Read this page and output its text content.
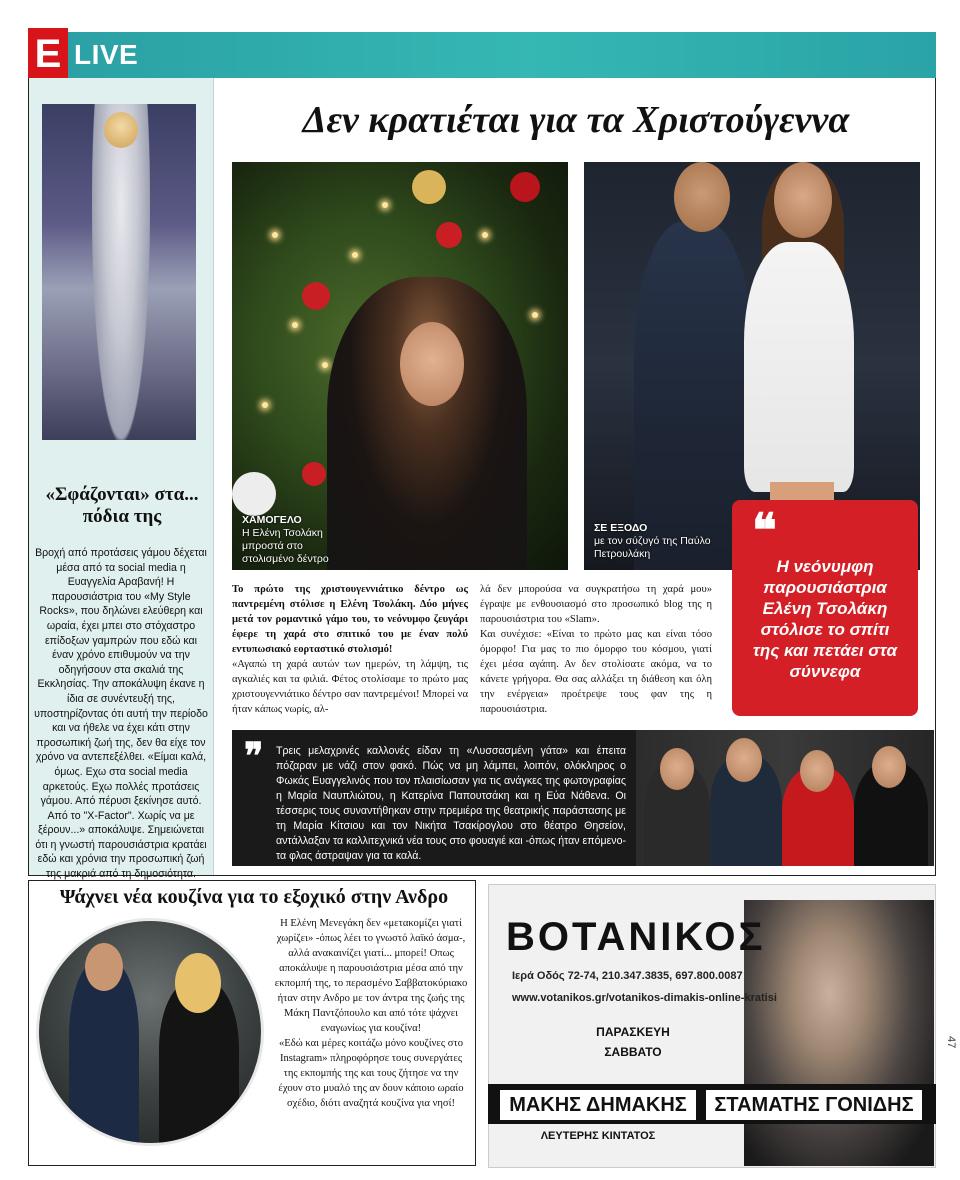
E LIVE
«Σφάζονται» στα... πόδια της
Βροχή από προτάσεις γάμου δέχεται μέσα από τα social media η Ευαγγελία Αραβανή! Η παρουσιάστρια του «My Style Rocks», που δηλώνει ελεύθερη και ωραία, έχει μπει στο στόχαστρο επίδοξων γαμπρών που εδώ και έναν χρόνο επιθυμούν να την οδηγήσουν στα σκαλιά της Εκκλησίας. Την αποκάλυψη έκανε η ίδια σε συνέντευξή της, υποστηρίζοντας ότι αυτή την περίοδο και να ήθελε να έχει κάτι στην προσωπική ζωή της, δεν θα είχε τον χρόνο να αντεπεξέλθει. «Είμαι καλά, όμως. Εχω στα social media αρκετούς. Εχω πολλές προτάσεις γάμου. Από πέρυσι ξεκίνησε αυτό. Από το "X-Factor". Χωρίς να με ξέρουν...» αποκάλυψε. Σημειώνεται ότι η γνωστή παρουσιάστρια κρατάει εδώ και χρόνια την προσωπική ζωή της μακριά από τη δημοσιότητα.
Δεν κρατιέται για τα Χριστούγεννα
ΧΑΜΟΓΕΛΟ
Η Ελένη Τσολάκη μπροστά στο στολισμένο δέντρο
ΣΕ ΕΞΟΔΟ
με τον σύζυγό της Παύλο Πετρουλάκη
Η νεόνυμφη παρουσιάστρια Ελένη Τσολάκη στόλισε το σπίτι της και πετάει στα σύννεφα
❝
Το πρώτο της χριστουγεννιάτικο δέντρο ως παντρεμένη στόλισε η Ελένη Τσολάκη. Δύο μήνες μετά τον ρομαντικό γάμο του, το νεόνυμφο ζευγάρι έφερε τη χαρά στο σπιτικό του με έναν πολύ εντυπωσιακό εορταστικό στολισμό!
«Αγαπώ τη χαρά αυτών των ημερών, τη λάμψη, τις αγκαλιές και τα φιλιά. Φέτος στολίσαμε το πρώτο μας χριστουγεννιάτικο δέντρο σαν παντρεμένοι! Μπορεί να ήταν κάπως νωρίς, αλ-
λά δεν μπορούσα να συγκρατήσω τη χαρά μου» έγραψε με ενθουσιασμό στο προσωπικό blog της η παρουσιάστρια του «Slam».
Και συνέχισε: «Είναι το πρώτο μας και είναι τόσο όμορφο! Για μας το πιο όμορφο του κόσμου, γιατί έχει μέσα αγάπη. Αν δεν στολίσατε ακόμα, να το κάνετε γρήγορα. Θα σας αλλάξει τη διάθεση και όλη την ενέργεια» προέτρεψε τους φαν της η παρουσιάστρια.
❞ Τρεις μελαχρινές καλλονές είδαν τη «Λυσσασμένη γάτα» και έπειτα πόζαραν με νάζι στον φακό. Πώς να μη λάμπει, λοιπόν, ολόκληρος ο Φωκάς Ευαγγελινός που τον πλαισίωσαν για τις ανάγκες της φωτογραφίας η Μαρία Ναυπλιώτου, η Κατερίνα Παπουτσάκη και η Εύα Νάθενα. Οι τέσσερις τους συναντήθηκαν στην πρεμιέρα της θεατρικής παράστασης με τη Μαρία Κίτσιου και τον Νικήτα Τσακίρογλου στο θέατρο Θησείον, αντάλλαξαν τα καλλιτεχνικά νέα τους στο φουαγιέ και -όπως ήταν επόμενο- τα φλας άστραψαν για τα καλά.
Ψάχνει νέα κουζίνα για το εξοχικό στην Ανδρο
Η Ελένη Μενεγάκη δεν «μετακομίζει γιατί χωρίζει» -όπως λέει το γνωστό λαϊκό άσμα-, αλλά ανακαινίζει γιατί... μπορεί! Οπως αποκάλυψε η παρουσιάστρια μέσα από την εκπομπή της, το περασμένο Σαββατοκύριακο ήταν στην Ανδρο με τον άντρα της ζωής της Μάκη Παντζόπουλο και από τότε ψάχνει εναγωνίως για κουζίνα!
«Εδώ και μέρες κοιτάζω μόνο κουζίνες στο Instagram» πληροφόρησε τους συνεργάτες της εκπομπής της και τους ζήτησε να την έχουν στο μυαλό της αν δουν κάποιο ωραίο σχέδιο, διότι αναζητά κουζίνα για νησί!
ΒΟΤΑΝΙΚΟΣ
Ιερά Οδός 72-74, 210.347.3835, 697.800.0087
www.votanikos.gr/votanikos-dimakis-online-kratisi
ΠΑΡΑΣΚΕΥΗ
ΣΑΒΒΑΤΟ
ΜΑΚΗΣ ΔΗΜΑΚΗΣ	ΣΤΑΜΑΤΗΣ ΓΟΝΙΔΗΣ
ΛΕΥΤΕΡΗΣ ΚΙΝΤΑΤΟΣ
47
